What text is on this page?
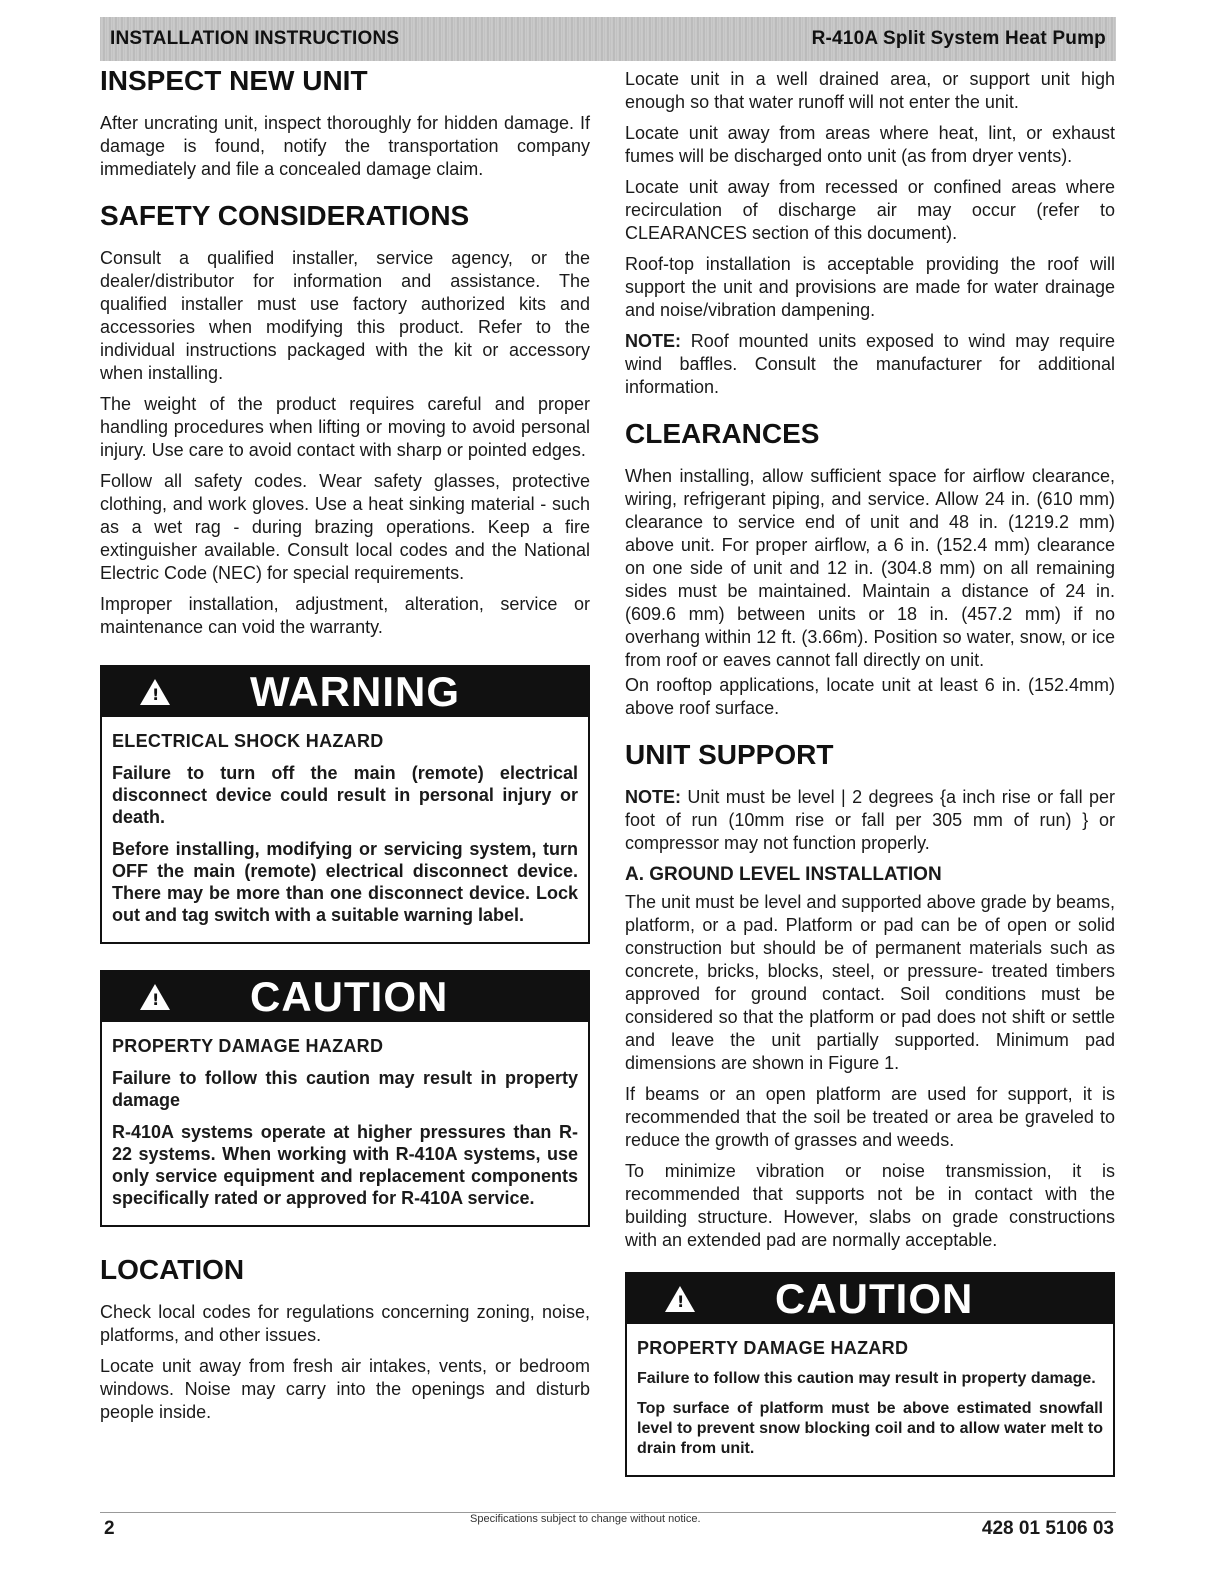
INSTALLATION INSTRUCTIONS	R-410A Split System Heat Pump
INSPECT NEW UNIT

After uncrating unit, inspect thoroughly for hidden damage. If damage is found, notify the transportation company immediately and file a concealed damage claim.

SAFETY CONSIDERATIONS

Consult a qualified installer, service agency, or the dealer/distributor for information and assistance. The qualified installer must use factory authorized kits and accessories when modifying this product. Refer to the individual instructions packaged with the kit or accessory when installing.

The weight of the product requires careful and proper handling procedures when lifting or moving to avoid personal injury. Use care to avoid contact with sharp or pointed edges.

Follow all safety codes. Wear safety glasses, protective clothing, and work gloves. Use a heat sinking material - such as a wet rag - during brazing operations. Keep a fire extinguisher available. Consult local codes and the National Electric Code (NEC) for special requirements.

Improper installation, adjustment, alteration, service or maintenance can void the warranty.

!
WARNING
ELECTRICAL SHOCK HAZARD

Failure to turn off the main (remote) electrical disconnect device could result in personal injury or death.

Before installing, modifying or servicing system, turn OFF the main (remote) electrical disconnect device. There may be more than one disconnect device. Lock out and tag switch with a suitable warning label.

!
CAUTION
PROPERTY DAMAGE HAZARD

Failure to follow this caution may result in property damage

R-410A systems operate at higher pressures than R-22 systems. When working with R-410A systems, use only service equipment and replacement components specifically rated or approved for R-410A service.

LOCATION

Check local codes for regulations concerning zoning, noise, platforms, and other issues.

Locate unit away from fresh air intakes, vents, or bedroom windows. Noise may carry into the openings and disturb people inside.

Locate unit in a well drained area, or support unit high enough so that water runoff will not enter the unit.

Locate unit away from areas where heat, lint, or exhaust fumes will be discharged onto unit (as from dryer vents).

Locate unit away from recessed or confined areas where recirculation of discharge air may occur (refer to CLEARANCES section of this document).

Roof-top installation is acceptable providing the roof will support the unit and provisions are made for water drainage and noise/vibration dampening.

NOTE: Roof mounted units exposed to wind may require wind baffles. Consult the manufacturer for additional information.

CLEARANCES

When installing, allow sufficient space for airflow clearance, wiring, refrigerant piping, and service. Allow 24 in. (610 mm) clearance to service end of unit and 48 in. (1219.2 mm) above unit. For proper airflow, a 6 in. (152.4 mm) clearance on one side of unit and 12 in. (304.8 mm) on all remaining sides must be maintained. Maintain a distance of 24 in. (609.6 mm) between units or 18 in. (457.2 mm) if no overhang within 12 ft. (3.66m). Position so water, snow, or ice from roof or eaves cannot fall directly on unit.

On rooftop applications, locate unit at least 6 in. (152.4mm) above roof surface.

UNIT SUPPORT

NOTE: Unit must be level | 2 degrees {a inch rise or fall per foot of run (10mm rise or fall per 305 mm of run) } or compressor may not function properly.

A. GROUND LEVEL INSTALLATION

The unit must be level and supported above grade by beams, platform, or a pad. Platform or pad can be of open or solid construction but should be of permanent materials such as concrete, bricks, blocks, steel, or pressure- treated timbers approved for ground contact. Soil conditions must be considered so that the platform or pad does not shift or settle and leave the unit partially supported. Minimum pad dimensions are shown in Figure 1.

If beams or an open platform are used for support, it is recommended that the soil be treated or area be graveled to reduce the growth of grasses and weeds.

To minimize vibration or noise transmission, it is recommended that supports not be in contact with the building structure. However, slabs on grade constructions with an extended pad are normally acceptable.

!
CAUTION
PROPERTY DAMAGE HAZARD

Failure to follow this caution may result in property damage.

Top surface of platform must be above estimated snowfall level to prevent snow blocking coil and to allow water melt to drain from unit.

2	Specifications subject to change without notice.	428 01 5106 03
